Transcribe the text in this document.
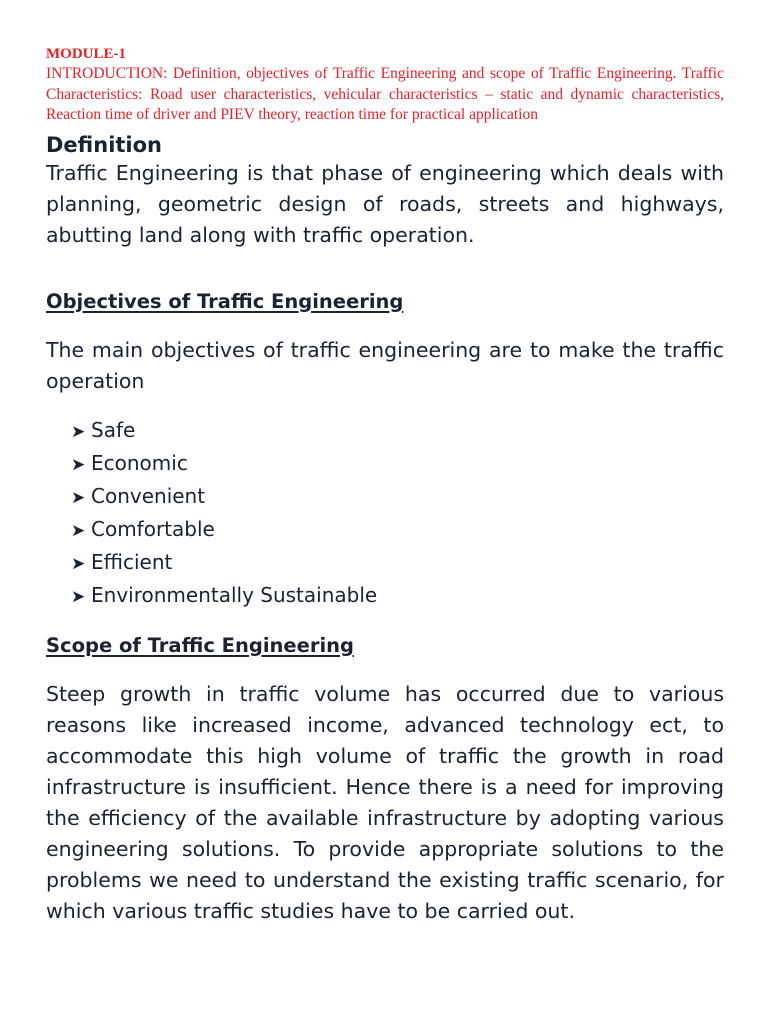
MODULE-1

INTRODUCTION: Definition, objectives of Traffic Engineering and scope of Traffic Engineering. Traffic Characteristics: Road user characteristics, vehicular characteristics – static and dynamic characteristics, Reaction time of driver and PIEV theory, reaction time for practical application

Definition

Traffic Engineering is that phase of engineering which deals with planning, geometric design of roads, streets and highways, abutting land along with traffic operation.

Objectives of Traffic Engineering

The main objectives of traffic engineering are to make the traffic operation

➤ Safe
➤ Economic
➤ Convenient
➤ Comfortable
➤ Efficient
➤ Environmentally Sustainable
Scope of Traffic Engineering

Steep growth in traffic volume has occurred due to various reasons like increased income, advanced technology ect, to accommodate this high volume of traffic the growth in road infrastructure is insufficient. Hence there is a need for improving the efficiency of the available infrastructure by adopting various engineering solutions. To provide appropriate solutions to the problems we need to understand the existing traffic scenario, for which various traffic studies have to be carried out.
